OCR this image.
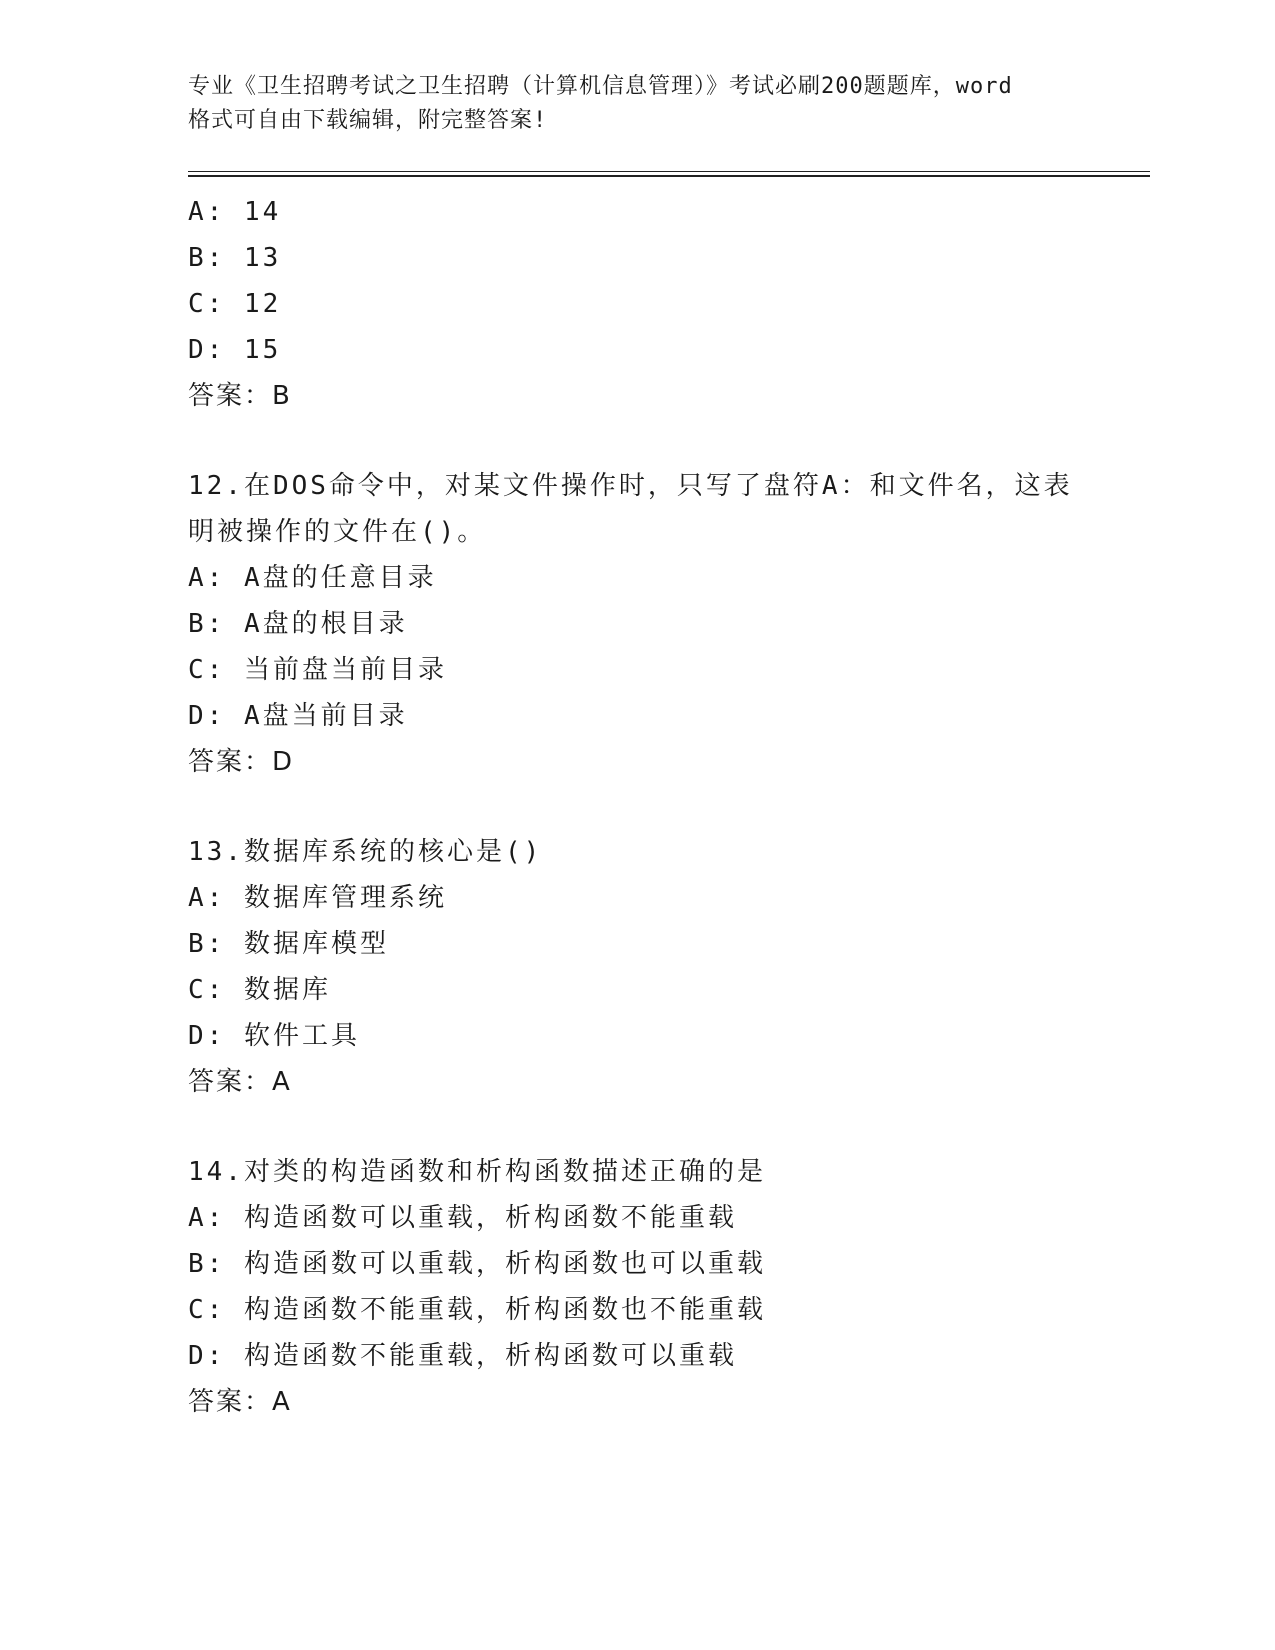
专业《卫生招聘考试之卫生招聘（计算机信息管理）》考试必刷200题题库，word

格式可自由下载编辑，附完整答案!

A: 14

B: 13

C: 12

D: 15

答案：B

12.在DOS命令中，对某文件操作时，只写了盘符A：和文件名，这表

明被操作的文件在()。

A: A盘的任意目录

B: A盘的根目录

C: 当前盘当前目录

D: A盘当前目录

答案：D

13.数据库系统的核心是()

A: 数据库管理系统

B: 数据库模型

C: 数据库

D: 软件工具

答案：A

14.对类的构造函数和析构函数描述正确的是

A: 构造函数可以重载，析构函数不能重载

B: 构造函数可以重载，析构函数也可以重载

C: 构造函数不能重载，析构函数也不能重载

D: 构造函数不能重载，析构函数可以重载

答案：A
